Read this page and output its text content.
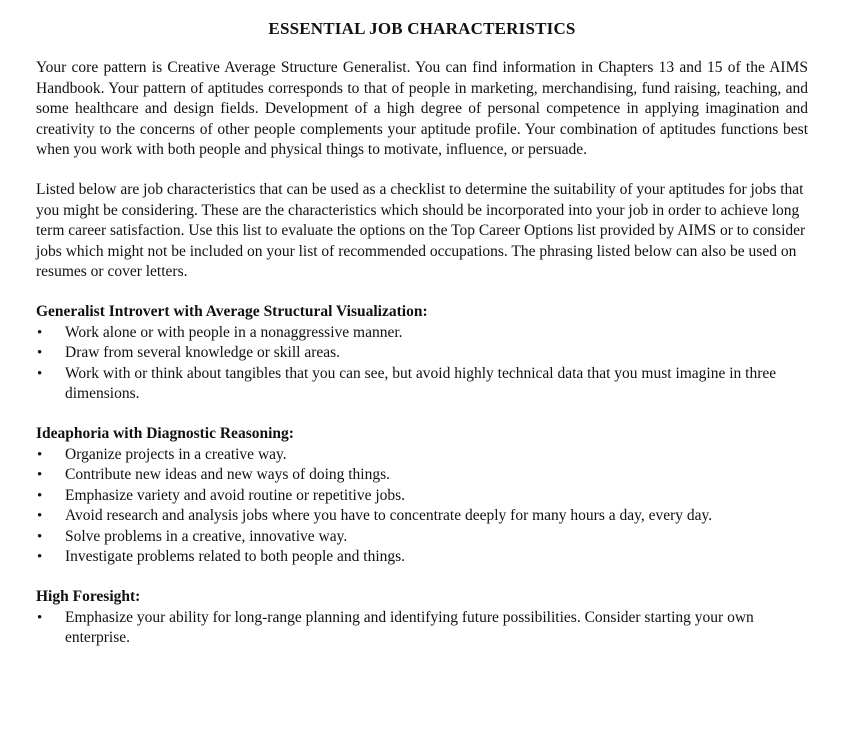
ESSENTIAL JOB CHARACTERISTICS

Your core pattern is Creative Average Structure Generalist. You can find information in Chapters 13 and 15 of the AIMS Handbook. Your pattern of aptitudes corresponds to that of people in marketing, merchandising, fund raising, teaching, and some healthcare and design fields. Development of a high degree of personal competence in applying imagination and creativity to the concerns of other people complements your aptitude profile. Your combination of aptitudes functions best when you work with both people and physical things to motivate, influence, or persuade.

Listed below are job characteristics that can be used as a checklist to determine the suitability of your aptitudes for jobs that you might be considering. These are the characteristics which should be incorporated into your job in order to achieve long term career satisfaction. Use this list to evaluate the options on the Top Career Options list provided by AIMS or to consider jobs which might not be included on your list of recommended occupations. The phrasing listed below can also be used on resumes or cover letters.

Generalist Introvert with Average Structural Visualization:

• Work alone or with people in a nonaggressive manner.
• Draw from several knowledge or skill areas.
• Work with or think about tangibles that you can see, but avoid highly technical data that you must imagine in three dimensions.

Ideaphoria with Diagnostic Reasoning:

• Organize projects in a creative way.
• Contribute new ideas and new ways of doing things.
• Emphasize variety and avoid routine or repetitive jobs.
• Avoid research and analysis jobs where you have to concentrate deeply for many hours a day, every day.
• Solve problems in a creative, innovative way.
• Investigate problems related to both people and things.

High Foresight:

• Emphasize your ability for long-range planning and identifying future possibilities. Consider starting your own enterprise.
